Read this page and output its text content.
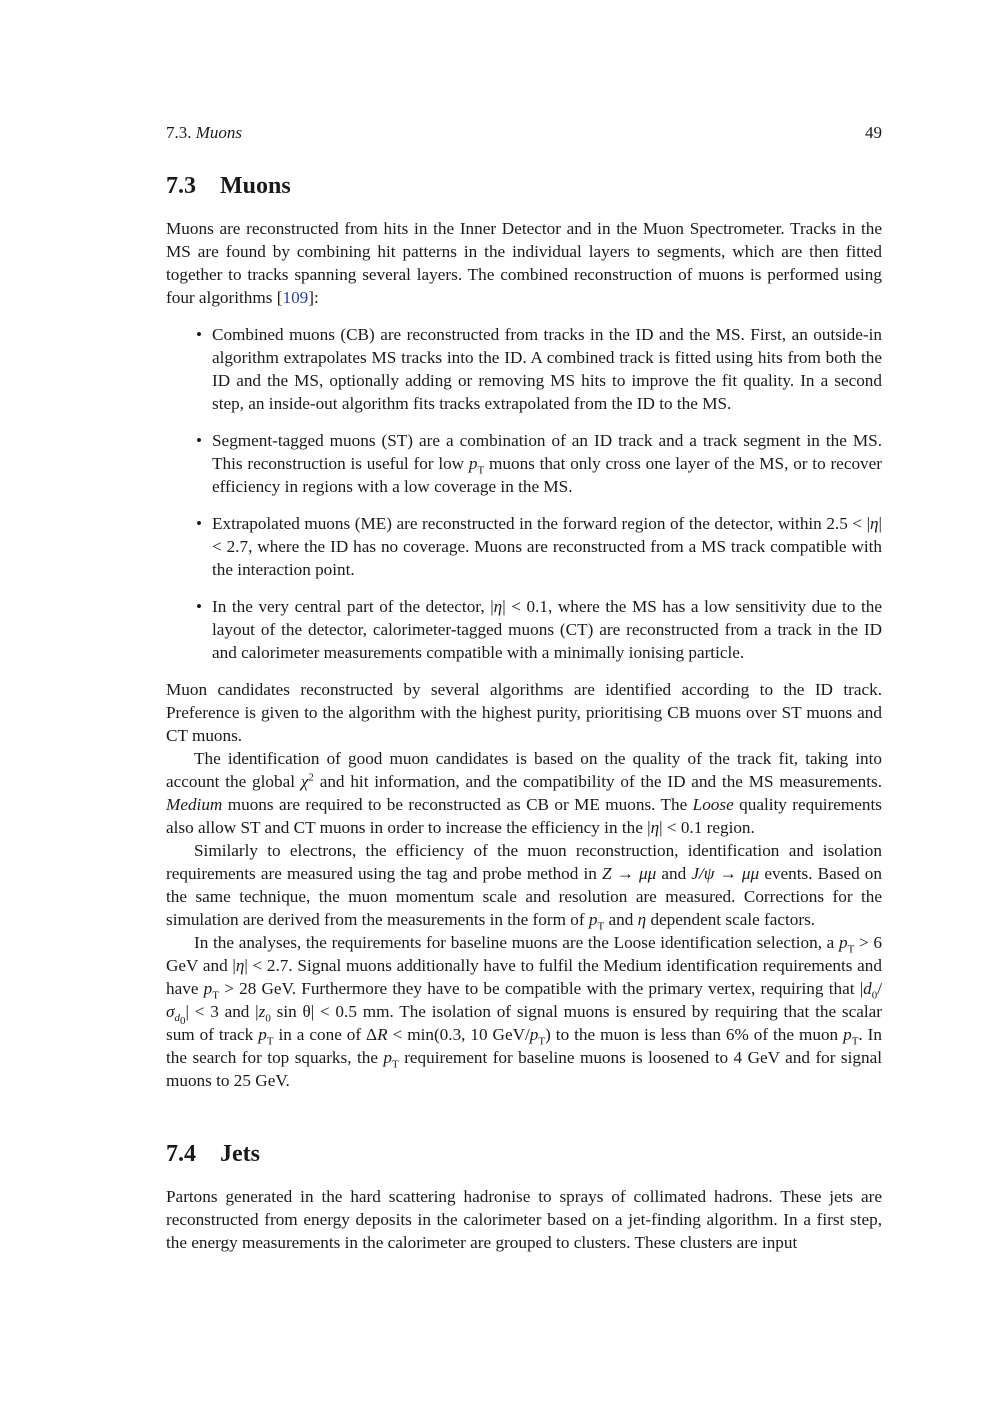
7.3. Muons	49
7.3 Muons

Muons are reconstructed from hits in the Inner Detector and in the Muon Spectrometer. Tracks in the MS are found by combining hit patterns in the individual layers to segments, which are then fitted together to tracks spanning several layers. The combined reconstruction of muons is performed using four algorithms [109]:

• Combined muons (CB) are reconstructed from tracks in the ID and the MS. First, an outside-in algorithm extrapolates MS tracks into the ID. A combined track is fitted using hits from both the ID and the MS, optionally adding or removing MS hits to improve the fit quality. In a second step, an inside-out algorithm fits tracks extrapolated from the ID to the MS.
• Segment-tagged muons (ST) are a combination of an ID track and a track segment in the MS. This reconstruction is useful for low $p_T$ muons that only cross one layer of the MS, or to recover efficiency in regions with a low coverage in the MS.
• Extrapolated muons (ME) are reconstructed in the forward region of the detector, within 2.5 < |η| < 2.7, where the ID has no coverage. Muons are reconstructed from a MS track compatible with the interaction point.
• In the very central part of the detector, |η| < 0.1, where the MS has a low sensitivity due to the layout of the detector, calorimeter-tagged muons (CT) are reconstructed from a track in the ID and calorimeter measurements compatible with a minimally ionising particle.

Muon candidates reconstructed by several algorithms are identified according to the ID track. Preference is given to the algorithm with the highest purity, prioritising CB muons over ST muons and CT muons.

The identification of good muon candidates is based on the quality of the track fit, taking into account the global $\chi^2$ and hit information, and the compatibility of the ID and the MS measurements. Medium muons are required to be reconstructed as CB or ME muons. The Loose quality requirements also allow ST and CT muons in order to increase the efficiency in the |η| < 0.1 region.

Similarly to electrons, the efficiency of the muon reconstruction, identification and isolation requirements are measured using the tag and probe method in Z → μμ and J/ψ → μμ events. Based on the same technique, the muon momentum scale and resolution are measured. Corrections for the simulation are derived from the measurements in the form of $p_T$ and η dependent scale factors.

In the analyses, the requirements for baseline muons are the Loose identification selection, a $p_T > 6$ GeV and |η| < 2.7. Signal muons additionally have to fulfil the Medium identification requirements and have $p_T > 28$ GeV. Furthermore they have to be compatible with the primary vertex, requiring that $|d_0/\sigma_{d_0}| < 3$ and $|z_0$ sin θ| < 0.5 mm. The isolation of signal muons is ensured by requiring that the scalar sum of track $p_T$ in a cone of ΔR < min(0.3, 10 GeV/$p_T$) to the muon is less than 6% of the muon $p_T$. In the search for top squarks, the $p_T$ requirement for baseline muons is loosened to 4 GeV and for signal muons to 25 GeV.

7.4 Jets

Partons generated in the hard scattering hadronise to sprays of collimated hadrons. These jets are reconstructed from energy deposits in the calorimeter based on a jet-finding algorithm. In a first step, the energy measurements in the calorimeter are grouped to clusters. These clusters are input
